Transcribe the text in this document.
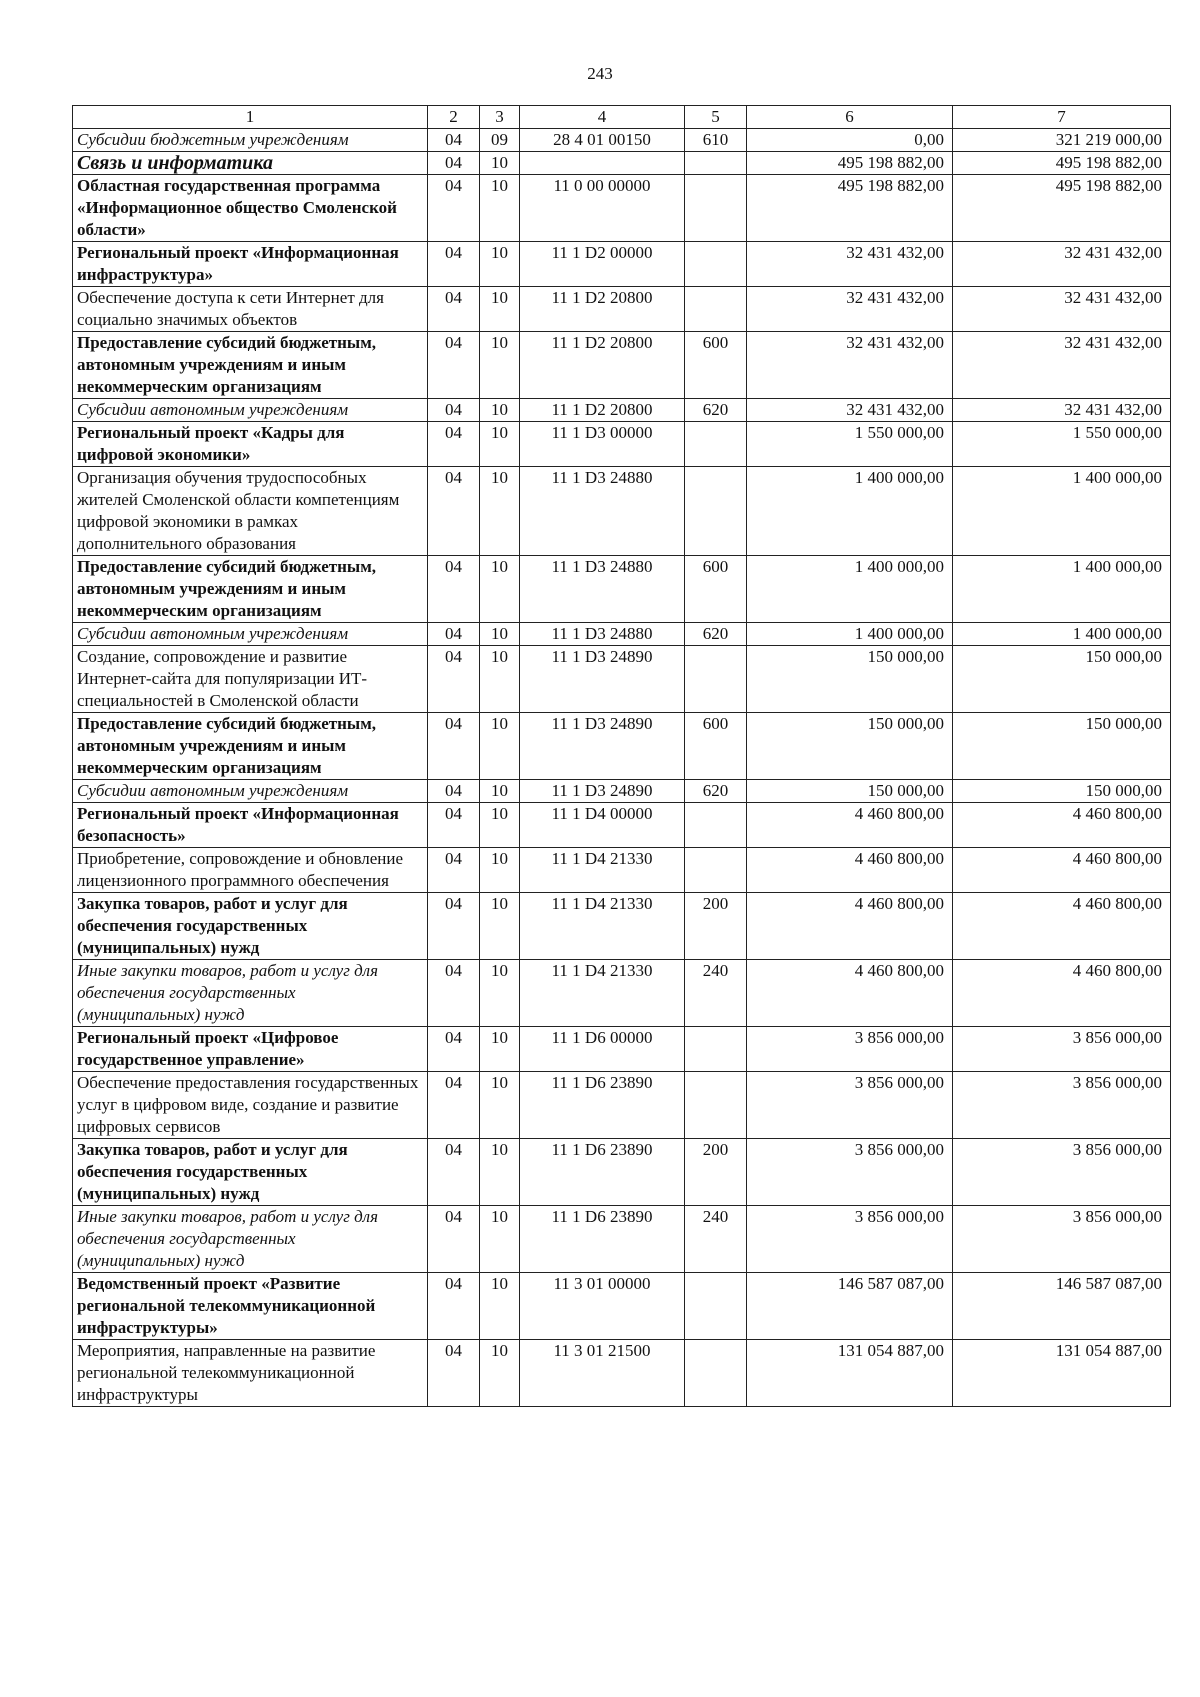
243
1	2	3	4	5	6	7
Субсидии бюджетным учреждениям	04	09	28 4 01 00150	610	0,00	321 219 000,00
Связь и информатика	04	10			495 198 882,00	495 198 882,00
Областная государственная программа «Информационное общество Смоленской области»	04	10	11 0 00 00000		495 198 882,00	495 198 882,00
Региональный проект «Информационная инфраструктура»	04	10	11 1 D2 00000		32 431 432,00	32 431 432,00
Обеспечение доступа к сети Интернет для социально значимых объектов	04	10	11 1 D2 20800		32 431 432,00	32 431 432,00
Предоставление субсидий бюджетным, автономным учреждениям и иным некоммерческим организациям	04	10	11 1 D2 20800	600	32 431 432,00	32 431 432,00
Субсидии автономным учреждениям	04	10	11 1 D2 20800	620	32 431 432,00	32 431 432,00
Региональный проект «Кадры для цифровой экономики»	04	10	11 1 D3 00000		1 550 000,00	1 550 000,00
Организация обучения трудоспособных жителей Смоленской области компетенциям цифровой экономики в рамках дополнительного образования	04	10	11 1 D3 24880		1 400 000,00	1 400 000,00
Предоставление субсидий бюджетным, автономным учреждениям и иным некоммерческим организациям	04	10	11 1 D3 24880	600	1 400 000,00	1 400 000,00
Субсидии автономным учреждениям	04	10	11 1 D3 24880	620	1 400 000,00	1 400 000,00
Создание, сопровождение и развитие Интернет-сайта для популяризации ИТ-специальностей в Смоленской области	04	10	11 1 D3 24890		150 000,00	150 000,00
Предоставление субсидий бюджетным, автономным учреждениям и иным некоммерческим организациям	04	10	11 1 D3 24890	600	150 000,00	150 000,00
Субсидии автономным учреждениям	04	10	11 1 D3 24890	620	150 000,00	150 000,00
Региональный проект «Информационная безопасность»	04	10	11 1 D4 00000		4 460 800,00	4 460 800,00
Приобретение, сопровождение и обновление лицензионного программного обеспечения	04	10	11 1 D4 21330		4 460 800,00	4 460 800,00
Закупка товаров, работ и услуг для обеспечения государственных (муниципальных) нужд	04	10	11 1 D4 21330	200	4 460 800,00	4 460 800,00
Иные закупки товаров, работ и услуг для обеспечения государственных (муниципальных) нужд	04	10	11 1 D4 21330	240	4 460 800,00	4 460 800,00
Региональный проект «Цифровое государственное управление»	04	10	11 1 D6 00000		3 856 000,00	3 856 000,00
Обеспечение предоставления государственных услуг в цифровом виде, создание и развитие цифровых сервисов	04	10	11 1 D6 23890		3 856 000,00	3 856 000,00
Закупка товаров, работ и услуг для обеспечения государственных (муниципальных) нужд	04	10	11 1 D6 23890	200	3 856 000,00	3 856 000,00
Иные закупки товаров, работ и услуг для обеспечения государственных (муниципальных) нужд	04	10	11 1 D6 23890	240	3 856 000,00	3 856 000,00
Ведомственный проект «Развитие региональной телекоммуникационной инфраструктуры»	04	10	11 3 01 00000		146 587 087,00	146 587 087,00
Мероприятия, направленные на развитие региональной телекоммуникационной инфраструктуры	04	10	11 3 01 21500		131 054 887,00	131 054 887,00
